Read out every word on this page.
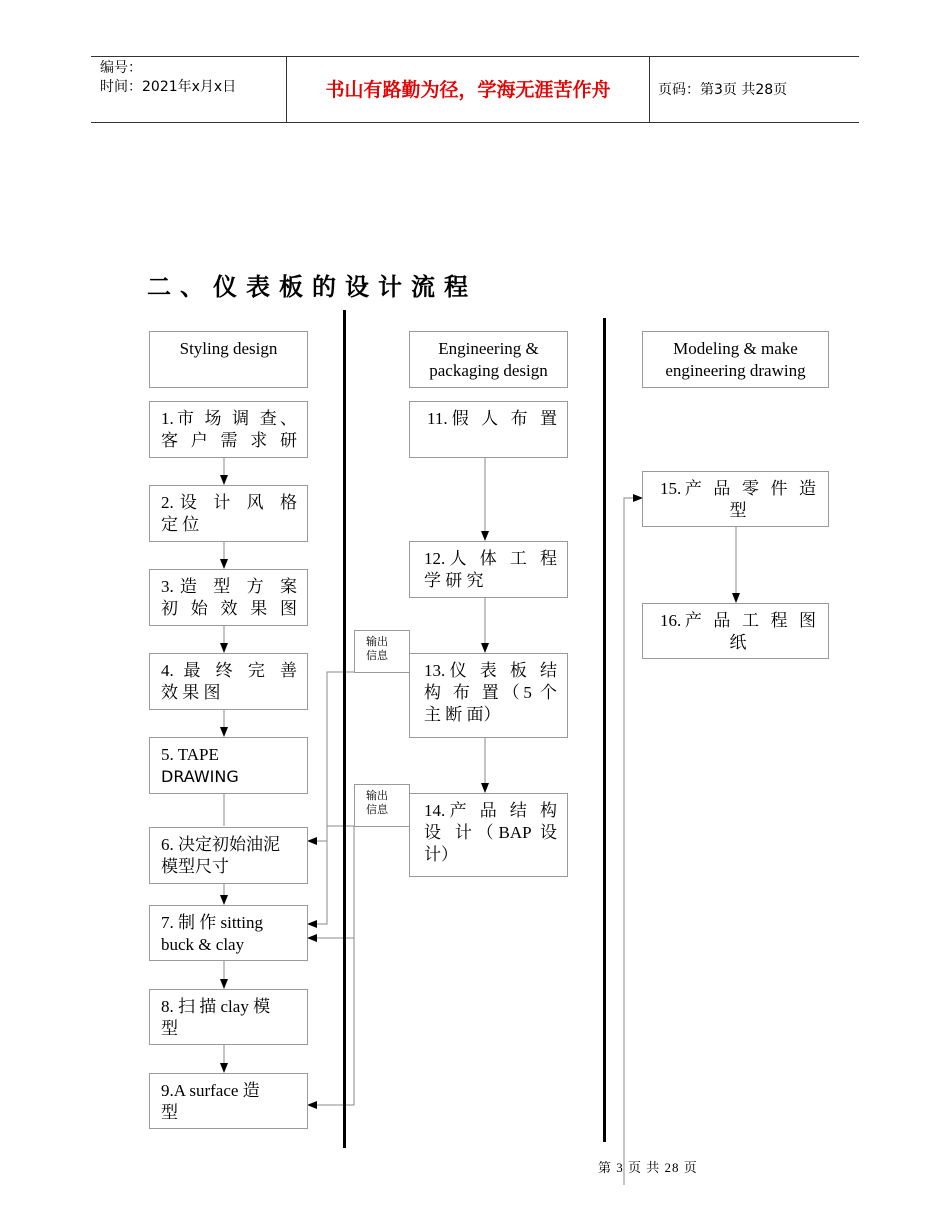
编号：
时间：2021年x月x日	书山有路勤为径，学海无涯苦作舟	页码：第3页 共28页
二、仪表板的设计流程
Styling design	Engineering &
packaging design
Modeling & make
engineering drawing
1.市 场 调 查、
客 户 需 求 研
2.设 计 风 格
定 位
3.造 型 方 案
初 始 效 果 图
4. 最 终 完 善
效 果 图
5. TAPE
DRAWING
6. 决定初始油泥
模型尺寸
7. 制 作 sitting
buck & clay
8. 扫 描 clay 模
型
9.A surface 造
型
11.假 人 布 置
12.人 体 工 程
学 研 究
13.仪 表 板 结
构 布 置（5 个
主 断 面）
14.产 品 结 构
设 计（BAP 设
计）
15.产 品 零 件 造
型
16.产 品 工 程 图
纸
输出
信息
输出
信息
第 3 页 共 28 页
